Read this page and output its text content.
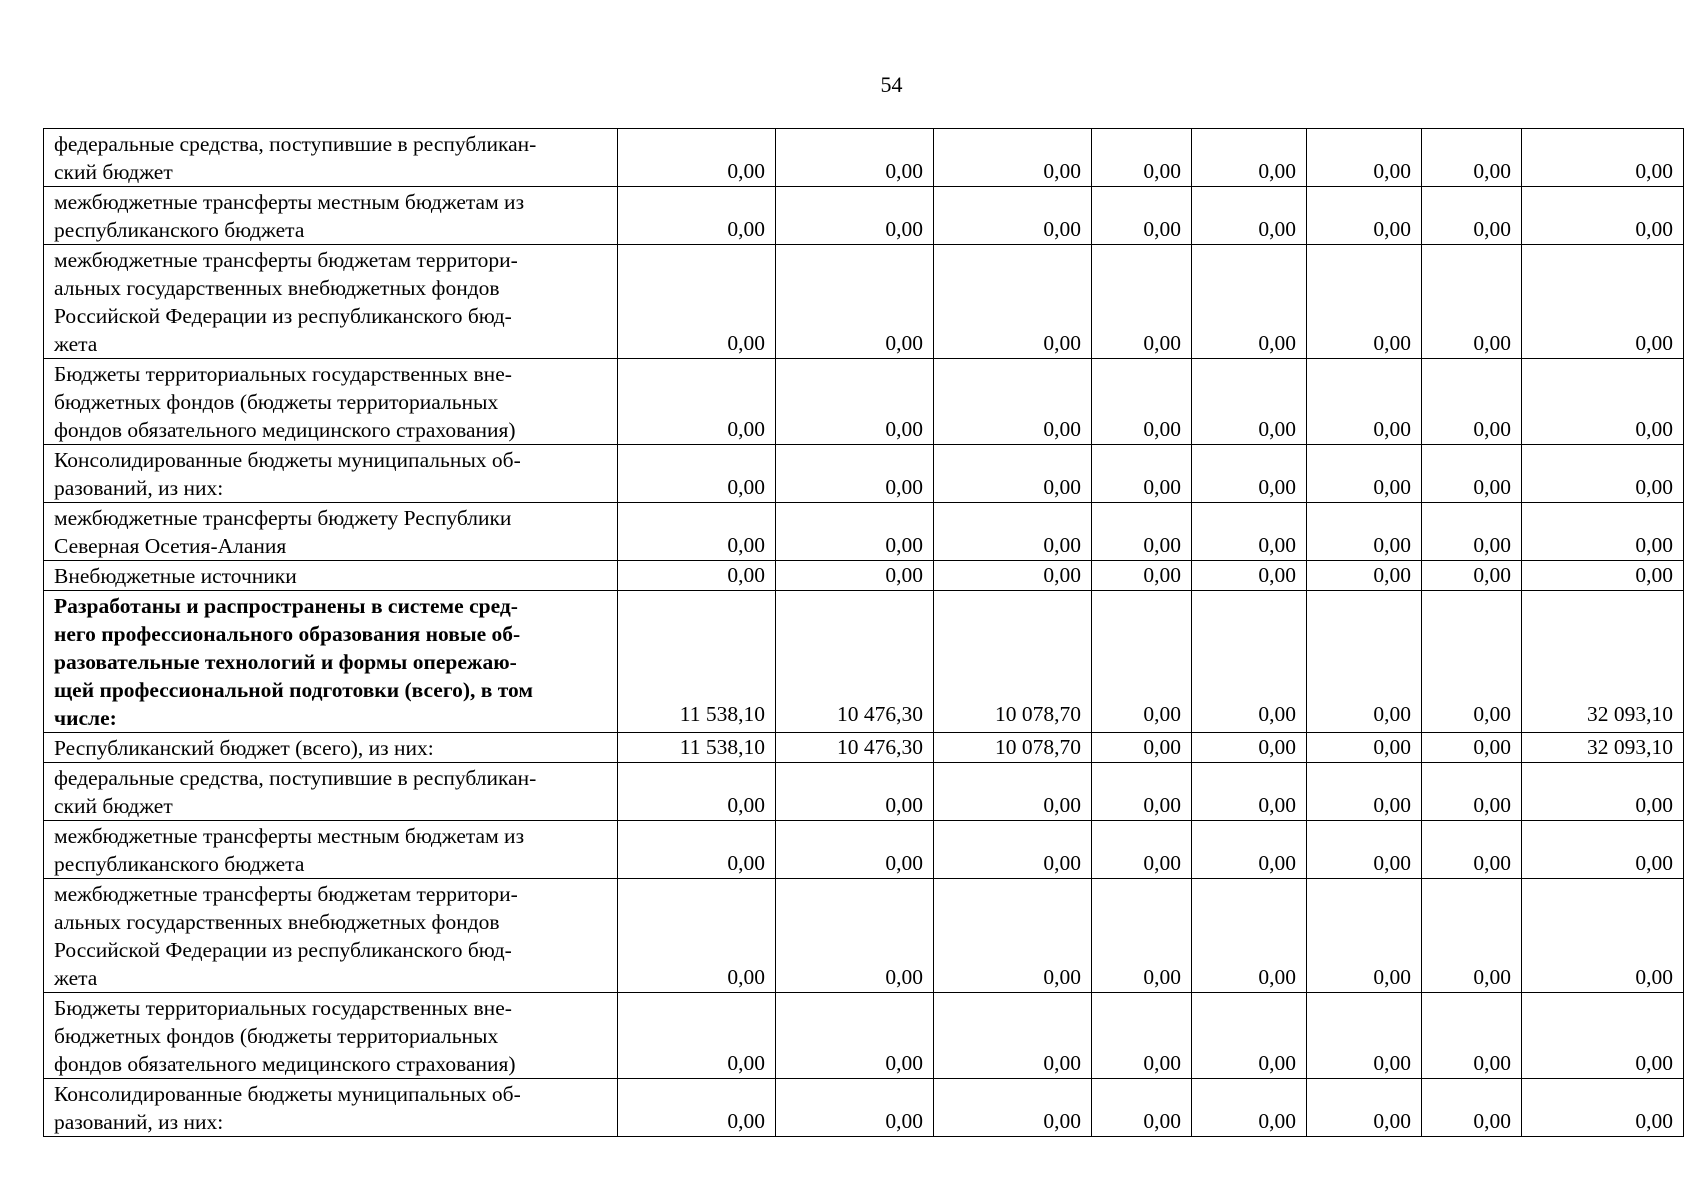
54
федеральные средства, поступившие в республикан-
ский бюджет	0,00	0,00	0,00	0,00	0,00	0,00	0,00	0,00
межбюджетные трансферты местным бюджетам из
республиканского бюджета	0,00	0,00	0,00	0,00	0,00	0,00	0,00	0,00
межбюджетные трансферты бюджетам территори-
альных государственных внебюджетных фондов
Российской Федерации из республиканского бюд-
жета	0,00	0,00	0,00	0,00	0,00	0,00	0,00	0,00
Бюджеты территориальных государственных вне-
бюджетных фондов (бюджеты территориальных
фондов обязательного медицинского страхования)	0,00	0,00	0,00	0,00	0,00	0,00	0,00	0,00
Консолидированные бюджеты муниципальных об-
разований, из них:	0,00	0,00	0,00	0,00	0,00	0,00	0,00	0,00
межбюджетные трансферты бюджету Республики
Северная Осетия-Алания	0,00	0,00	0,00	0,00	0,00	0,00	0,00	0,00
Внебюджетные источники	0,00	0,00	0,00	0,00	0,00	0,00	0,00	0,00
Разработаны и распространены в системе сред-
него профессионального образования новые об-
разовательные технологий и формы опережаю-
щей профессиональной подготовки (всего), в том
числе:	11 538,10	10 476,30	10 078,70	0,00	0,00	0,00	0,00	32 093,10
Республиканский бюджет (всего), из них:	11 538,10	10 476,30	10 078,70	0,00	0,00	0,00	0,00	32 093,10
федеральные средства, поступившие в республикан-
ский бюджет	0,00	0,00	0,00	0,00	0,00	0,00	0,00	0,00
межбюджетные трансферты местным бюджетам из
республиканского бюджета	0,00	0,00	0,00	0,00	0,00	0,00	0,00	0,00
межбюджетные трансферты бюджетам территори-
альных государственных внебюджетных фондов
Российской Федерации из республиканского бюд-
жета	0,00	0,00	0,00	0,00	0,00	0,00	0,00	0,00
Бюджеты территориальных государственных вне-
бюджетных фондов (бюджеты территориальных
фондов обязательного медицинского страхования)	0,00	0,00	0,00	0,00	0,00	0,00	0,00	0,00
Консолидированные бюджеты муниципальных об-
разований, из них:	0,00	0,00	0,00	0,00	0,00	0,00	0,00	0,00
